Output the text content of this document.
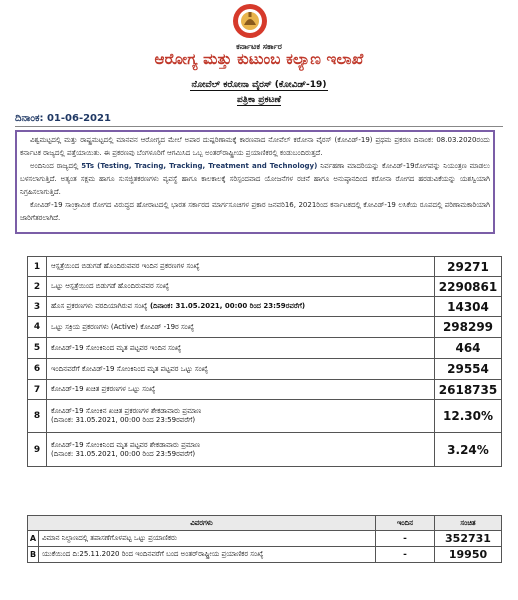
ಕರ್ನಾಟಕ ಸರ್ಕಾರ
ಆರೋಗ್ಯ ಮತ್ತು ಕುಟುಂಬ ಕಲ್ಯಾಣ ಇಲಾಖೆ
ನೋವೆಲ್ ಕರೋನಾ ವೈರಸ್ (ಕೋವಿಡ್-19)
ಪತ್ರಿಕಾ ಪ್ರಕಟಣೆ
ದಿನಾಂಕ: 01-06-2021

ವಿಶ್ವಮಟ್ಟದಲ್ಲಿ ಮತ್ತು ರಾಷ್ಟ್ರಮಟ್ಟದಲ್ಲಿ ಮಾನವನ ಆರೋಗ್ಯದ ಮೇಲೆ ಅಪಾರ ದುಷ್ಪರಿಣಾಮಕ್ಕೆ ಕಾರಣವಾದ ನೋವೆಲ್ ಕರೋನಾ ವೈರಸ್ (ಕೋವಿಡ್-19) ಪ್ರಥಮ ಪ್ರಕರಣ ದಿನಾಂಕ: 08.03.2020ರಂದು ಕರ್ನಾಟಕ ರಾಜ್ಯದಲ್ಲಿ ಪತ್ತೆಯಾಯಿತು. ಈ ಪ್ರಕರಣವು ಬೆಂಗಳೂರಿಗೆ ಆಗಮಿಸಿದ ಒಬ್ಬ ಅಂತರ್‌ರಾಷ್ಟ್ರೀಯ ಪ್ರಯಾಣಿಕರಲ್ಲಿ ಕಂಡುಬಂದಿರುತ್ತದೆ.

ಅಂದಿನಿಂದ ರಾಜ್ಯದಲ್ಲಿ 5Ts (Testing, Tracing, Tracking, Treatment and Technology) ನಿರ್ವಹಣಾ ಮಾದರಿಯನ್ನು ಕೋವಿಡ್-19ರೋಗವನ್ನು ನಿಯಂತ್ರಣ ಮಾಡಲು ಬಳಸಲಾಗುತ್ತಿದೆ. ಅತ್ಯಂತ ಸಕ್ಷಮ ಹಾಗೂ ಸುಸಜ್ಜಿತಕರಣಗಳು ವ್ಯವಸ್ಥೆ ಹಾಗೂ ಕಾಲಕಾಲಕ್ಕೆ ಸರಿಸ್ಪಂದವಾದ ಯೋಜನೆಗಳ ರಚನೆ ಹಾಗೂ ಅನುಷ್ಠಾನದಿಂದ ಕರೋನಾ ರೋಗದ ಹರಡುವಿಕೆಯನ್ನು ಯಶಸ್ವಿಯಾಗಿ ನಿಗ್ರಹಿಸಲಾಗುತ್ತಿದೆ.

ಕೋವಿಡ್-19 ಸಾಂಕ್ರಾಮಿಕ ರೋಗದ ವಿರುದ್ಧದ ಹೋರಾಟದಲ್ಲಿ ಭಾರತ ಸರ್ಕಾರದ ಮಾರ್ಗಸೂಚಿಗಳ ಪ್ರಕಾರ ಜನವರಿ16, 2021ರಿಂದ ಕರ್ನಾಟಕದಲ್ಲಿ ಕೋವಿಡ್-19 ಲಸಿಕೆಯ ರೂಪದಲ್ಲಿ ಪರಿಣಾಮಕಾರಿಯಾಗಿ ಜಾರಿಗೆತರಲಾಗಿದೆ.

1	ಆಸ್ಪತ್ರೆಯಿಂದ ಬಿಡುಗಡೆ ಹೊಂದಿರುವವರ ಇಂದಿನ ಪ್ರಕರಣಗಳ ಸಂಖ್ಯೆ	29271
2	ಒಟ್ಟು ಆಸ್ಪತ್ರೆಯಿಂದ ಬಿಡುಗಡೆ ಹೊಂದಿರುವವರ ಸಂಖ್ಯೆ	2290861
3	ಹೊಸ ಪ್ರಕರಣಗಳು ವರದಿಯಾಗಿರುವ ಸಂಖ್ಯೆ (ದಿನಾಂಕ: 31.05.2021, 00:00 ರಿಂದ 23:59ರವರೆಗೆ)	14304
4	ಒಟ್ಟು ಸಕ್ರಿಯ ಪ್ರಕರಣಗಳು (Active) ಕೋವಿಡ್ -19ರ ಸಂಖ್ಯೆ	298299
5	ಕೋವಿಡ್-19 ಸೋಂಕಿನಿಂದ ಮೃತ ಪಟ್ಟವರ ಇಂದಿನ ಸಂಖ್ಯೆ	464
6	ಇಂದಿನವರೆಗೆ ಕೋವಿಡ್-19 ಸೋಂಕಿನಿಂದ ಮೃತ ಪಟ್ಟವರ ಒಟ್ಟು ಸಂಖ್ಯೆ	29554
7	ಕೋವಿಡ್-19 ಖಚಿತ ಪ್ರಕರಣಗಳ ಒಟ್ಟು ಸಂಖ್ಯೆ	2618735
8	ಕೋವಿಡ್-19 ಸೋಂಕಿನ ಖಚಿತ ಪ್ರಕರಣಗಳ ಶೇಕಡಾವಾರು ಪ್ರಮಾಣ
(ದಿನಾಂಕ: 31.05.2021, 00:00 ರಿಂದ 23:59ರವರೆಗೆ)	12.30%
9	ಕೋವಿಡ್-19 ಸೋಂಕಿನಿಂದ ಮೃತ ಪಟ್ಟವರ ಶೇಕಡಾವಾರು ಪ್ರಮಾಣ
(ದಿನಾಂಕ: 31.05.2021, 00:00 ರಿಂದ 23:59ರವರೆಗೆ)	3.24%
ವಿವರಗಳು		ಇಂದಿನ	ಸಂಚಿತ
A	ವಿಮಾನ ನಿಲ್ದಾಣದಲ್ಲಿ ತಪಾಸಣೆಗೊಳಪಟ್ಟ ಒಟ್ಟು ಪ್ರಯಾಣಿಕರು	-	352731
B	ಯುಕೆಯಿಂದ ದಿ:25.11.2020 ರಿಂದ ಇಂದಿನವರೆಗೆ ಬಂದ ಅಂತರ್‌ರಾಷ್ಟ್ರೀಯ ಪ್ರಯಾಣಿಕರ ಸಂಖ್ಯೆ	-	19950
